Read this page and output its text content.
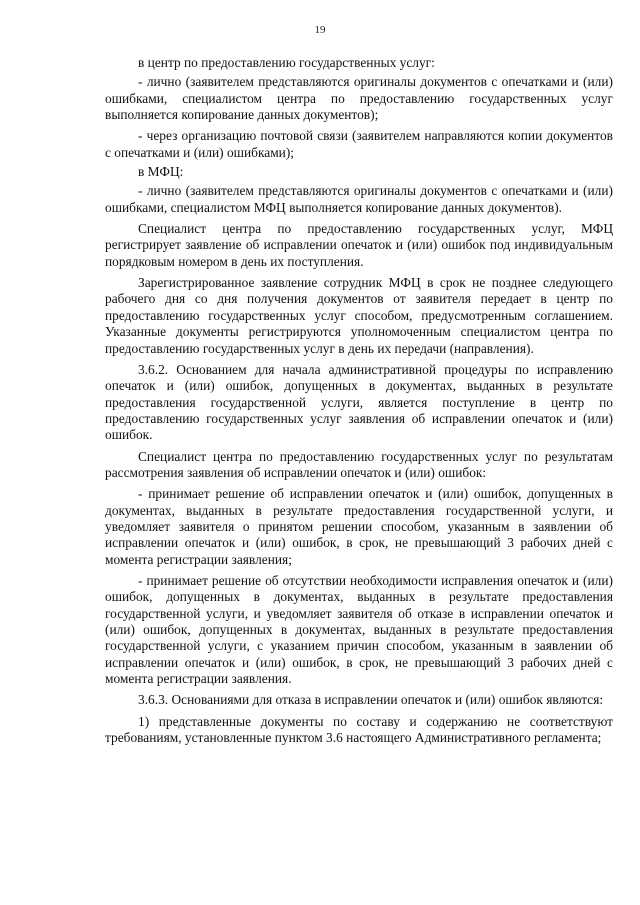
19

в центр по предоставлению государственных услуг:

- лично (заявителем представляются оригиналы документов с опечатками и (или) ошибками, специалистом центра по предоставлению государственных услуг выполняется копирование данных документов);

- через организацию почтовой связи (заявителем направляются копии документов с опечатками и (или) ошибками);

в МФЦ:

- лично (заявителем представляются оригиналы документов с опечатками и (или) ошибками, специалистом МФЦ выполняется копирование данных документов).

Специалист центра по предоставлению государственных услуг, МФЦ регистрирует заявление об исправлении опечаток и (или) ошибок под индивидуальным порядковым номером в день их поступления.

Зарегистрированное заявление сотрудник МФЦ в срок не позднее следующего рабочего дня со дня получения документов от заявителя передает в центр по предоставлению государственных услуг способом, предусмотренным соглашением. Указанные документы регистрируются уполномоченным специалистом центра по предоставлению государственных услуг в день их передачи (направления).

3.6.2. Основанием для начала административной процедуры по исправлению опечаток и (или) ошибок, допущенных в документах, выданных в результате предоставления государственной услуги, является поступление в центр по предоставлению государственных услуг заявления об исправлении опечаток и (или) ошибок.

Специалист центра по предоставлению государственных услуг по результатам рассмотрения заявления об исправлении опечаток и (или) ошибок:

- принимает решение об исправлении опечаток и (или) ошибок, допущенных в документах, выданных в результате предоставления государственной услуги, и уведомляет заявителя о принятом решении способом, указанным в заявлении об исправлении опечаток и (или) ошибок, в срок, не превышающий 3 рабочих дней с момента регистрации заявления;

- принимает решение об отсутствии необходимости исправления опечаток и (или) ошибок, допущенных в документах, выданных в результате предоставления государственной услуги, и уведомляет заявителя об отказе в исправлении опечаток и (или) ошибок, допущенных в документах, выданных в результате предоставления государственной услуги, с указанием причин способом, указанным в заявлении об исправлении опечаток и (или) ошибок, в срок, не превышающий 3 рабочих дней с момента регистрации заявления.

3.6.3. Основаниями для отказа в исправлении опечаток и (или) ошибок являются:

1) представленные документы по составу и содержанию не соответствуют требованиям, установленные пунктом 3.6 настоящего Административного регламента;
